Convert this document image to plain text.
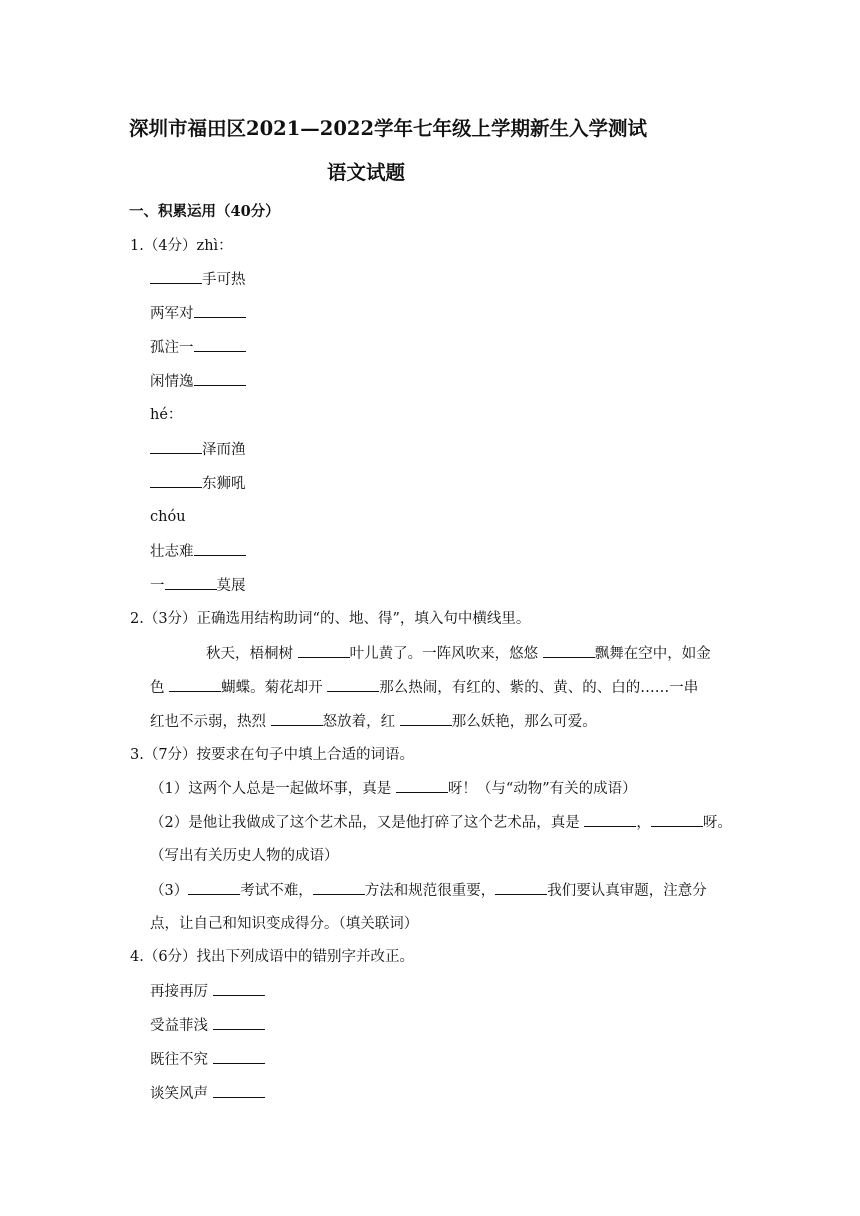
深圳市福田区2021—2022学年七年级上学期新生入学测试
语文试题
一、积累运用（40分）
1.（4分）zhì：
手可热
两军对
孤注一
闲情逸
hé：
泽而渔
东狮吼
chóu
壮志难
一	莫展
2.（3分）正确选用结构助词“的、地、得”，填入句中横线里。
秋天，梧桐树	叶儿黄了。一阵风吹来，悠悠	飘舞在空中，如金
色	蝴蝶。菊花却开	那么热闹，有红的、紫的、黄、的、白的……一串
红也不示弱，热烈	怒放着，红	那么妖艳，那么可爱。
3.（7分）按要求在句子中填上合适的词语。
（1）这两个人总是一起做坏事，真是	呀！（与“动物”有关的成语）
（2）是他让我做成了这个艺术品，又是他打碎了这个艺术品，真是	，	呀。
（写出有关历史人物的成语）
（3）	考试不难，	方法和规范很重要，	我们要认真审题，注意分
点，让自己和知识变成得分。（填关联词）
4.（6分）找出下列成语中的错别字并改正。
再接再厉
受益菲浅
既往不究
谈笑风声
